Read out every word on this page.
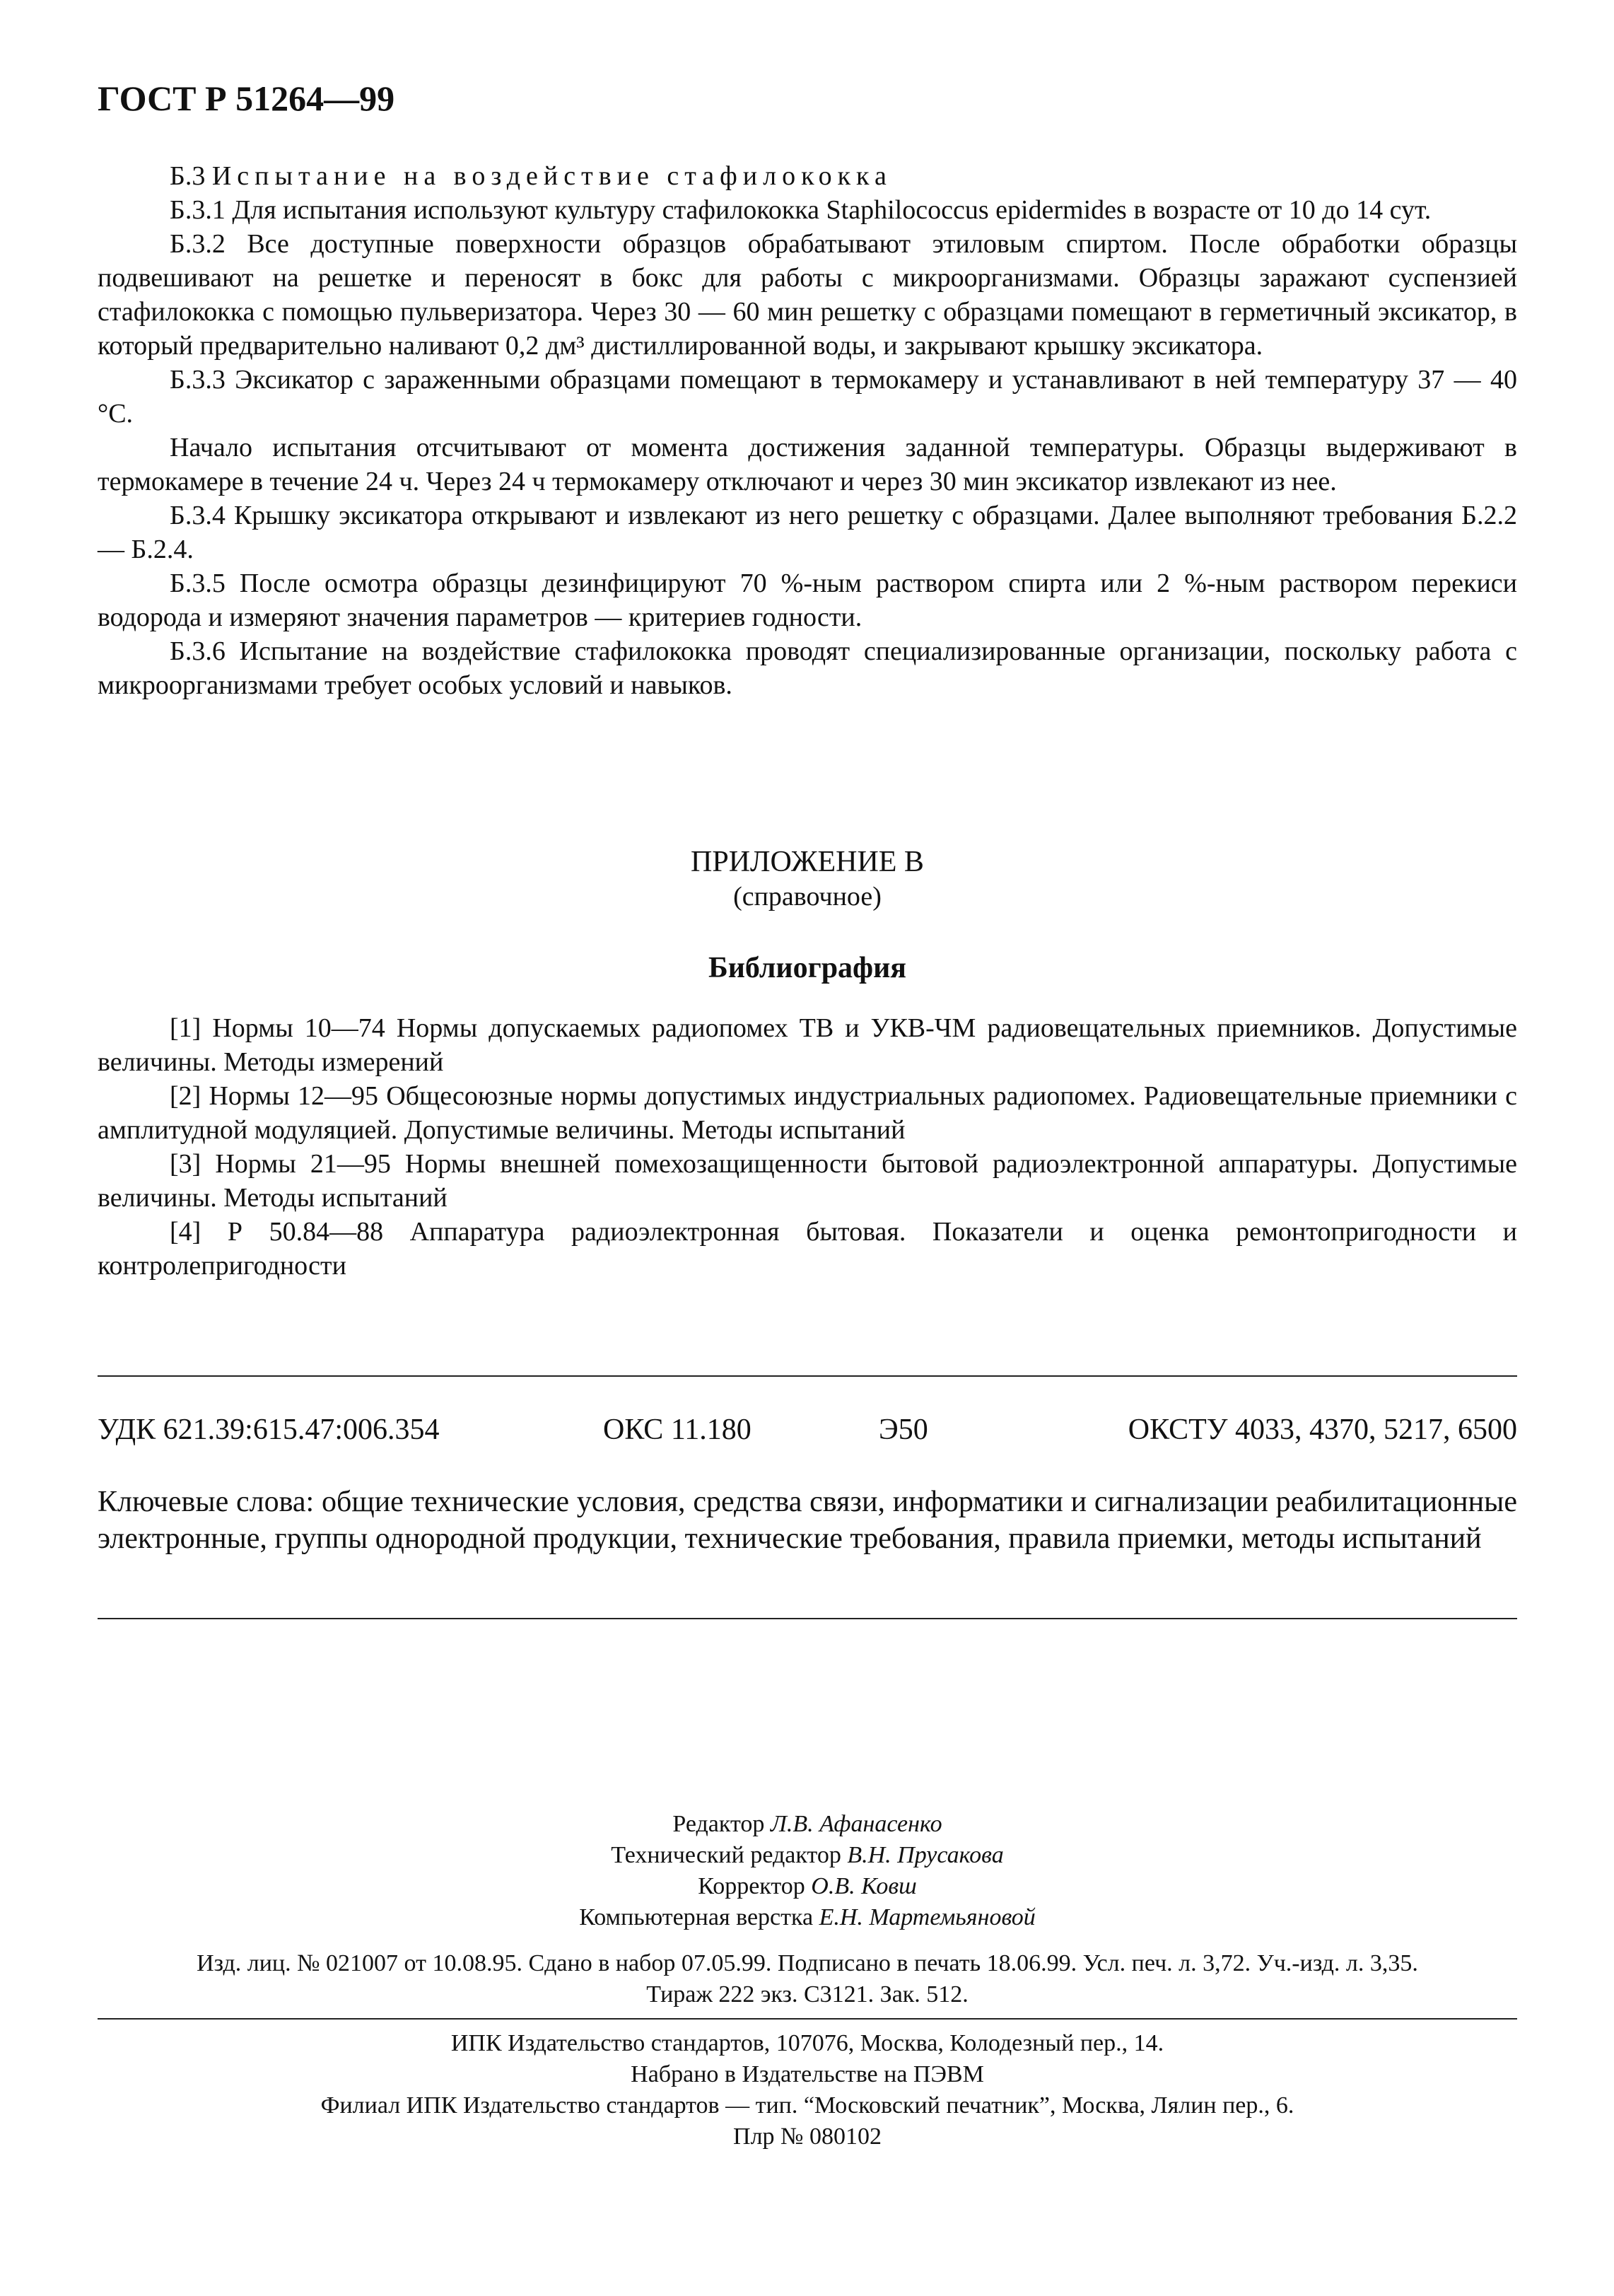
ГОСТ Р 51264—99

Б.3 Испытание на воздействие стафилококка

Б.3.1 Для испытания используют культуру стафилококка Staphilococcus epidermides в возрасте от 10 до 14 сут.

Б.3.2 Все доступные поверхности образцов обрабатывают этиловым спиртом. После обработки образцы подвешивают на решетке и переносят в бокс для работы с микроорганизмами. Образцы заражают суспензией стафилококка с помощью пульверизатора. Через 30 — 60 мин решетку с образцами помещают в герметичный эксикатор, в который предварительно наливают 0,2 дм³ дистиллированной воды, и закрывают крышку эксикатора.

Б.3.3 Эксикатор с зараженными образцами помещают в термокамеру и устанавливают в ней температуру 37 — 40 °С.

Начало испытания отсчитывают от момента достижения заданной температуры. Образцы выдерживают в термокамере в течение 24 ч. Через 24 ч термокамеру отключают и через 30 мин эксикатор извлекают из нее.

Б.3.4 Крышку эксикатора открывают и извлекают из него решетку с образцами. Далее выполняют требования Б.2.2 — Б.2.4.

Б.3.5 После осмотра образцы дезинфицируют 70 %-ным раствором спирта или 2 %-ным раствором перекиси водорода и измеряют значения параметров — критериев годности.

Б.3.6 Испытание на воздействие стафилококка проводят специализированные организации, поскольку работа с микроорганизмами требует особых условий и навыков.

ПРИЛОЖЕНИЕ В
(справочное)
Библиография

[1] Нормы 10—74 Нормы допускаемых радиопомех ТВ и УКВ-ЧМ радиовещательных приемников. Допустимые величины. Методы измерений

[2] Нормы 12—95 Общесоюзные нормы допустимых индустриальных радиопомех. Радиовещательные приемники с амплитудной модуляцией. Допустимые величины. Методы испытаний

[3] Нормы 21—95 Нормы внешней помехозащищенности бытовой радиоэлектронной аппаратуры. Допустимые величины. Методы испытаний

[4] Р 50.84—88 Аппаратура радиоэлектронная бытовая. Показатели и оценка ремонтопригодности и контролепригодности

УДК 621.39:615.47:006.354	ОКС 11.180	Э50	ОКСТУ 4033, 4370, 5217, 6500
Ключевые слова: общие технические условия, средства связи, информатики и сигнализации реабилитационные электронные, группы однородной продукции, технические требования, правила приемки, методы испытаний
Редактор Л.В. Афанасенко
Технический редактор В.Н. Прусакова
Корректор О.В. Ковш
Компьютерная верстка Е.Н. Мартемьяновой
Изд. лиц. № 021007 от 10.08.95. Сдано в набор 07.05.99. Подписано в печать 18.06.99. Усл. печ. л. 3,72. Уч.-изд. л. 3,35.
Тираж 222 экз. С3121. Зак. 512.
ИПК Издательство стандартов, 107076, Москва, Колодезный пер., 14.
Набрано в Издательстве на ПЭВМ
Филиал ИПК Издательство стандартов — тип. “Московский печатник”, Москва, Лялин пер., 6.
Плр № 080102
